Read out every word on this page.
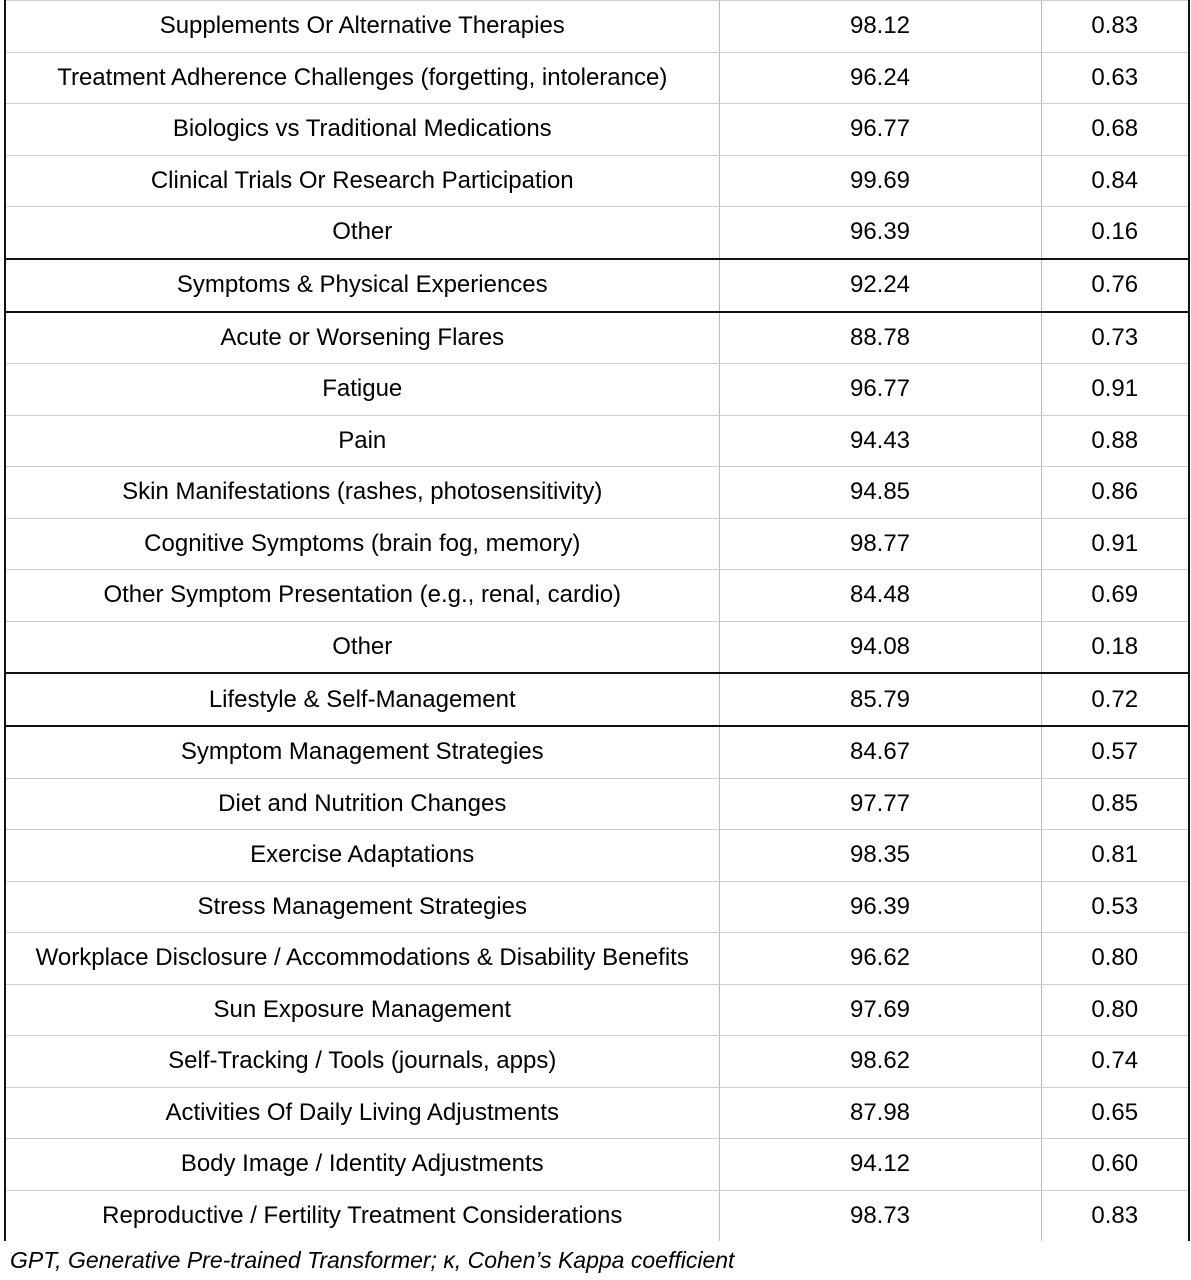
Supplements Or Alternative Therapies	98.12	0.83
Treatment Adherence Challenges (forgetting, intolerance)	96.24	0.63
Biologics vs Traditional Medications	96.77	0.68
Clinical Trials Or Research Participation	99.69	0.84
Other	96.39	0.16
Symptoms & Physical Experiences	92.24	0.76
Acute or Worsening Flares	88.78	0.73
Fatigue	96.77	0.91
Pain	94.43	0.88
Skin Manifestations (rashes, photosensitivity)	94.85	0.86
Cognitive Symptoms (brain fog, memory)	98.77	0.91
Other Symptom Presentation (e.g., renal, cardio)	84.48	0.69
Other	94.08	0.18
Lifestyle & Self-Management	85.79	0.72
Symptom Management Strategies	84.67	0.57
Diet and Nutrition Changes	97.77	0.85
Exercise Adaptations	98.35	0.81
Stress Management Strategies	96.39	0.53
Workplace Disclosure / Accommodations & Disability Benefits	96.62	0.80
Sun Exposure Management	97.69	0.80
Self-Tracking / Tools (journals, apps)	98.62	0.74
Activities Of Daily Living Adjustments	87.98	0.65
Body Image / Identity Adjustments	94.12	0.60
Reproductive / Fertility Treatment Considerations	98.73	0.83
GPT, Generative Pre-trained Transformer; κ, Cohen’s Kappa coefficient
